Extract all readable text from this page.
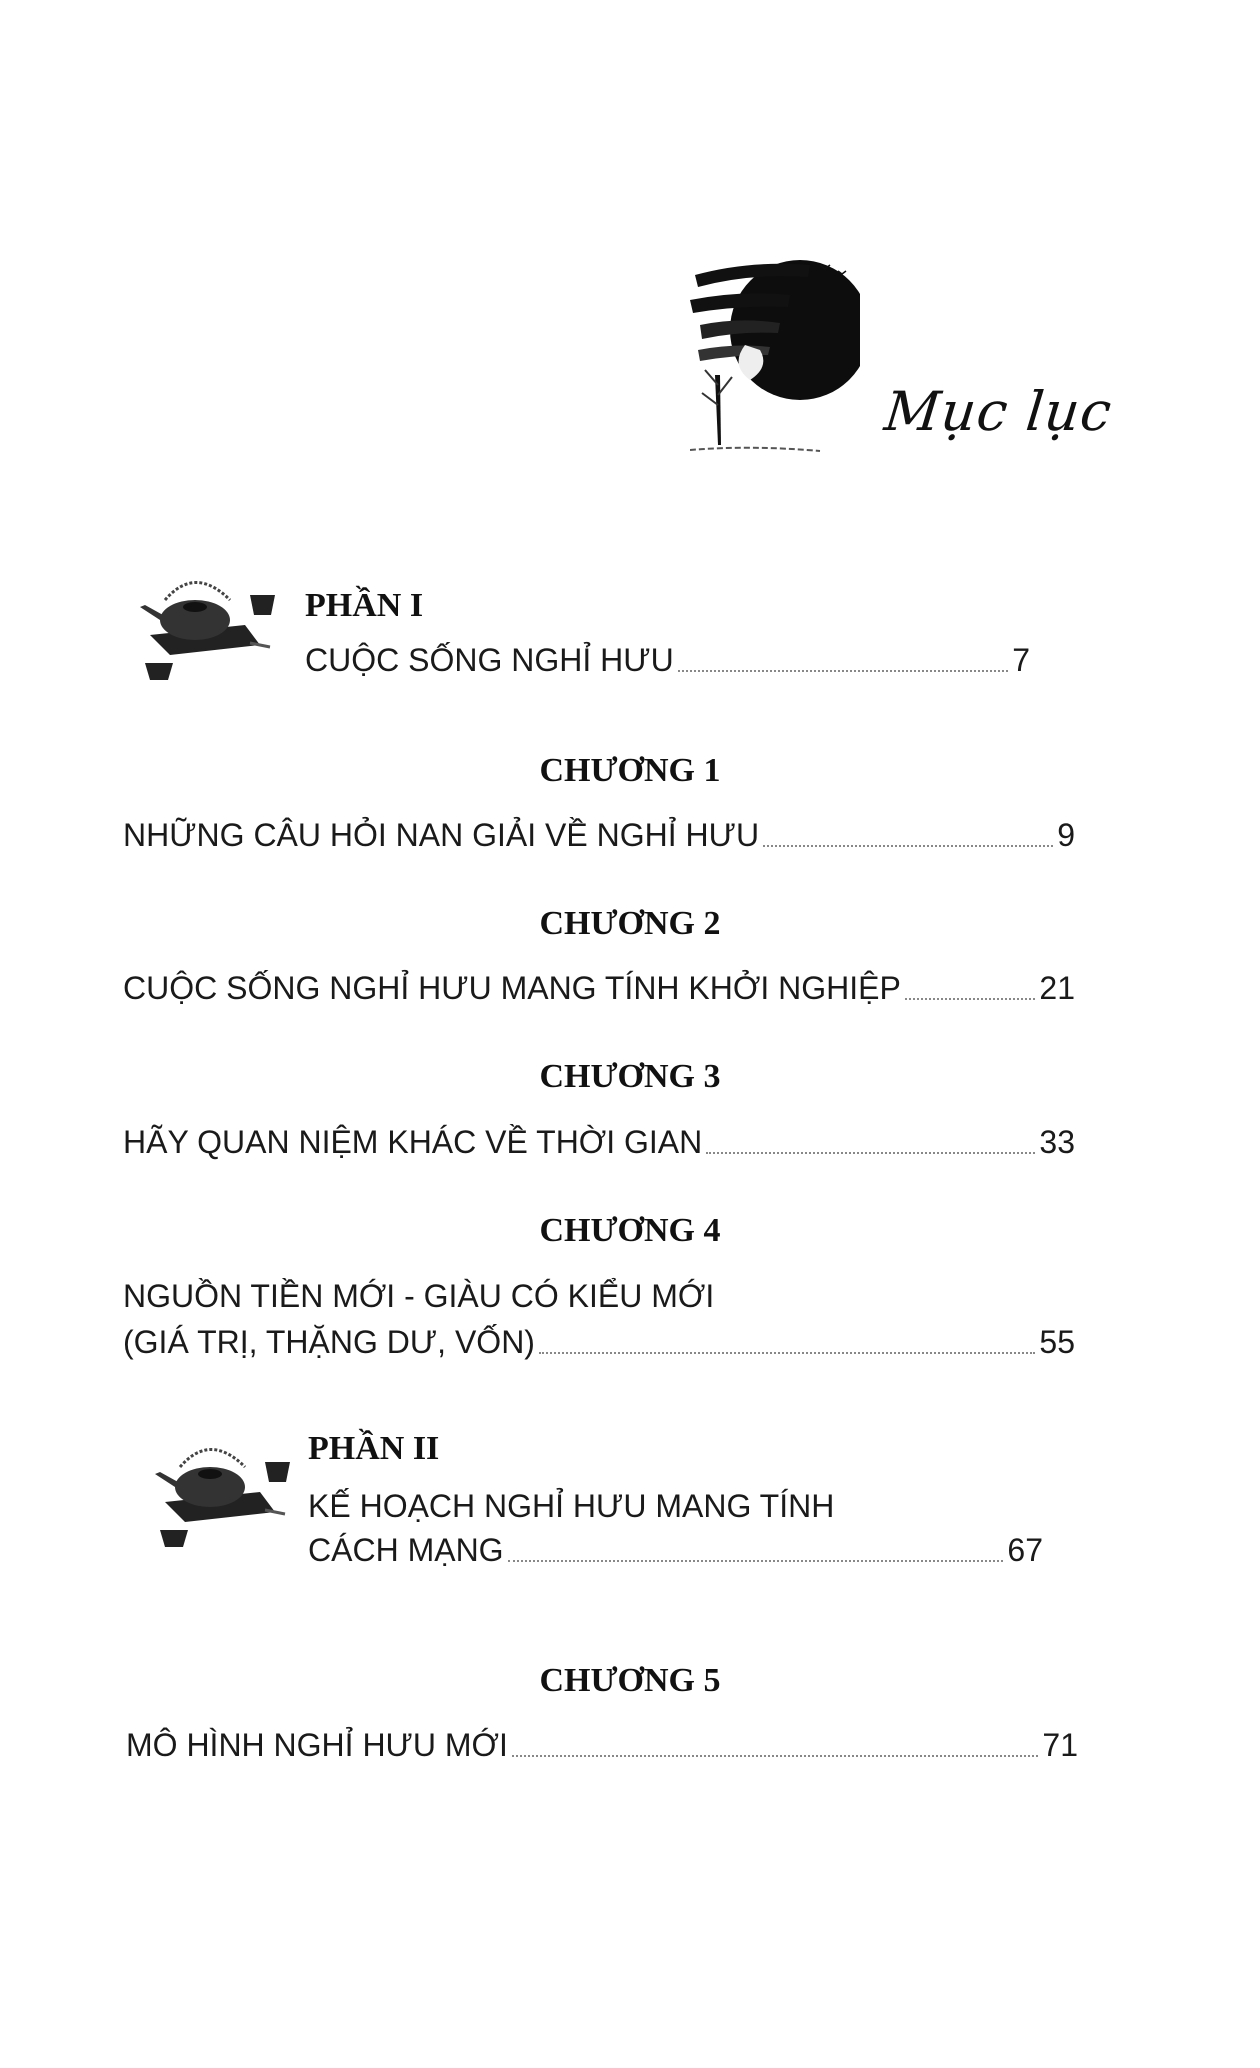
Mục lục
PHẦN I
CUỘC SỐNG NGHỈ HƯU	7
CHƯƠNG 1
NHỮNG CÂU HỎI NAN GIẢI VỀ NGHỈ HƯU	9
CHƯƠNG 2
CUỘC SỐNG NGHỈ HƯU MANG TÍNH KHỞI NGHIỆP	21
CHƯƠNG 3
HÃY QUAN NIỆM KHÁC VỀ THỜI GIAN	33
CHƯƠNG 4
NGUỒN TIỀN MỚI - GIÀU CÓ KIỂU MỚI
(GIÁ TRỊ, THẶNG DƯ, VỐN)	55
PHẦN II
KẾ HOẠCH NGHỈ HƯU MANG TÍNH
CÁCH MẠNG	67
CHƯƠNG 5
MÔ HÌNH NGHỈ HƯU MỚI	71
